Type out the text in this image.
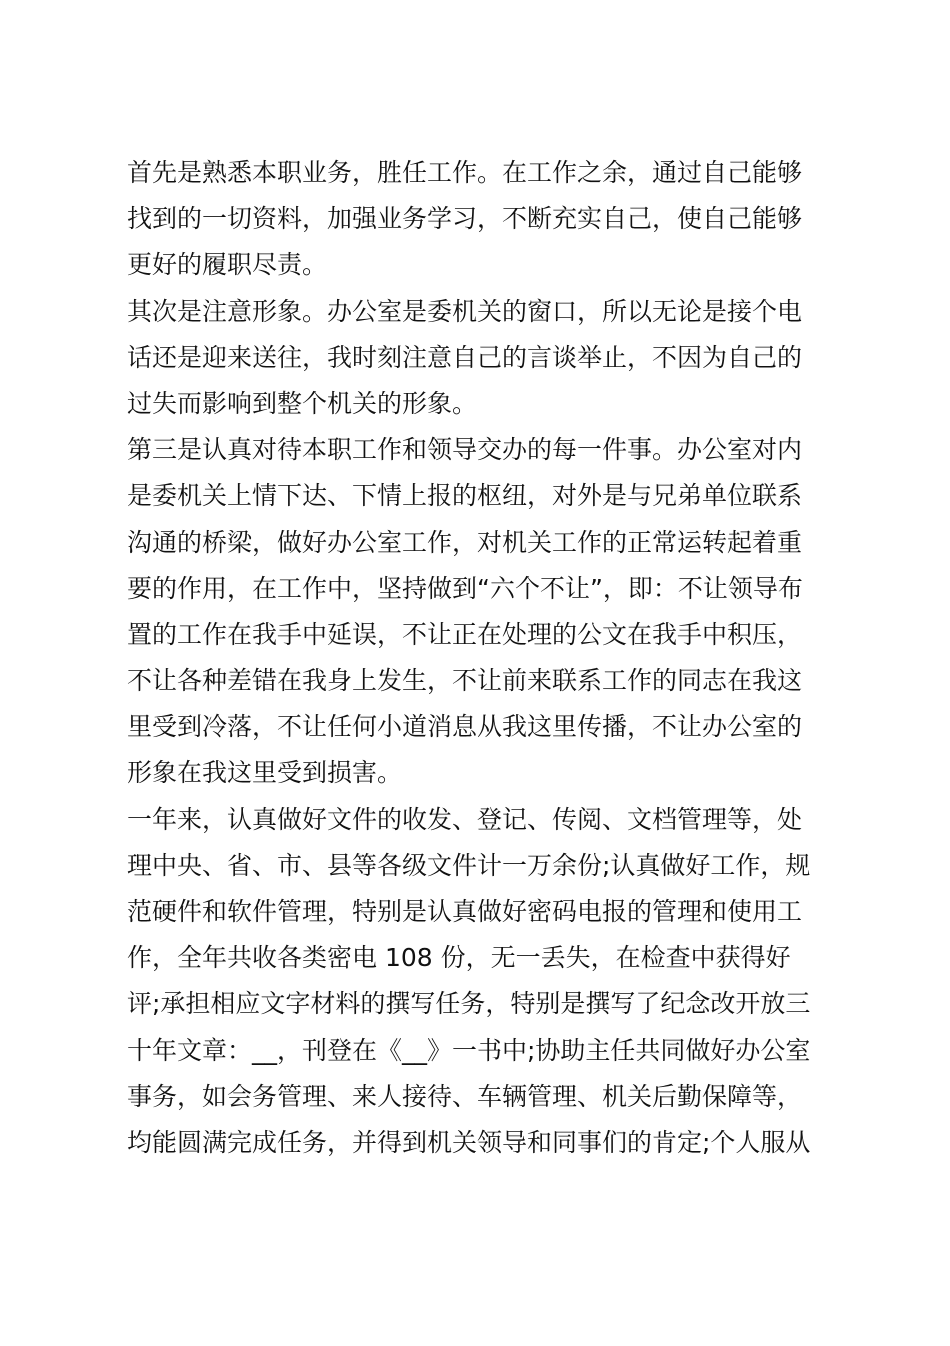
首先是熟悉本职业务，胜任工作。在工作之余，通过自己能够
找到的一切资料，加强业务学习，不断充实自己，使自己能够
更好的履职尽责。

其次是注意形象。办公室是委机关的窗口，所以无论是接个电
话还是迎来送往，我时刻注意自己的言谈举止，不因为自己的
过失而影响到整个机关的形象。

第三是认真对待本职工作和领导交办的每一件事。办公室对内
是委机关上情下达、下情上报的枢纽，对外是与兄弟单位联系
沟通的桥梁，做好办公室工作，对机关工作的正常运转起着重
要的作用，在工作中，坚持做到“六个不让”，即：不让领导布
置的工作在我手中延误，不让正在处理的公文在我手中积压，
不让各种差错在我身上发生，不让前来联系工作的同志在我这
里受到冷落，不让任何小道消息从我这里传播，不让办公室的
形象在我这里受到损害。

一年来，认真做好文件的收发、登记、传阅、文档管理等，处
理中央、省、市、县等各级文件计一万余份;认真做好工作，规
范硬件和软件管理，特别是认真做好密码电报的管理和使用工
作，全年共收各类密电 108 份，无一丢失，在检查中获得好
评;承担相应文字材料的撰写任务，特别是撰写了纪念改开放三
十年文章：__，刊登在《__》一书中;协助主任共同做好办公室
事务，如会务管理、来人接待、车辆管理、机关后勤保障等，
均能圆满完成任务，并得到机关领导和同事们的肯定;个人服从
